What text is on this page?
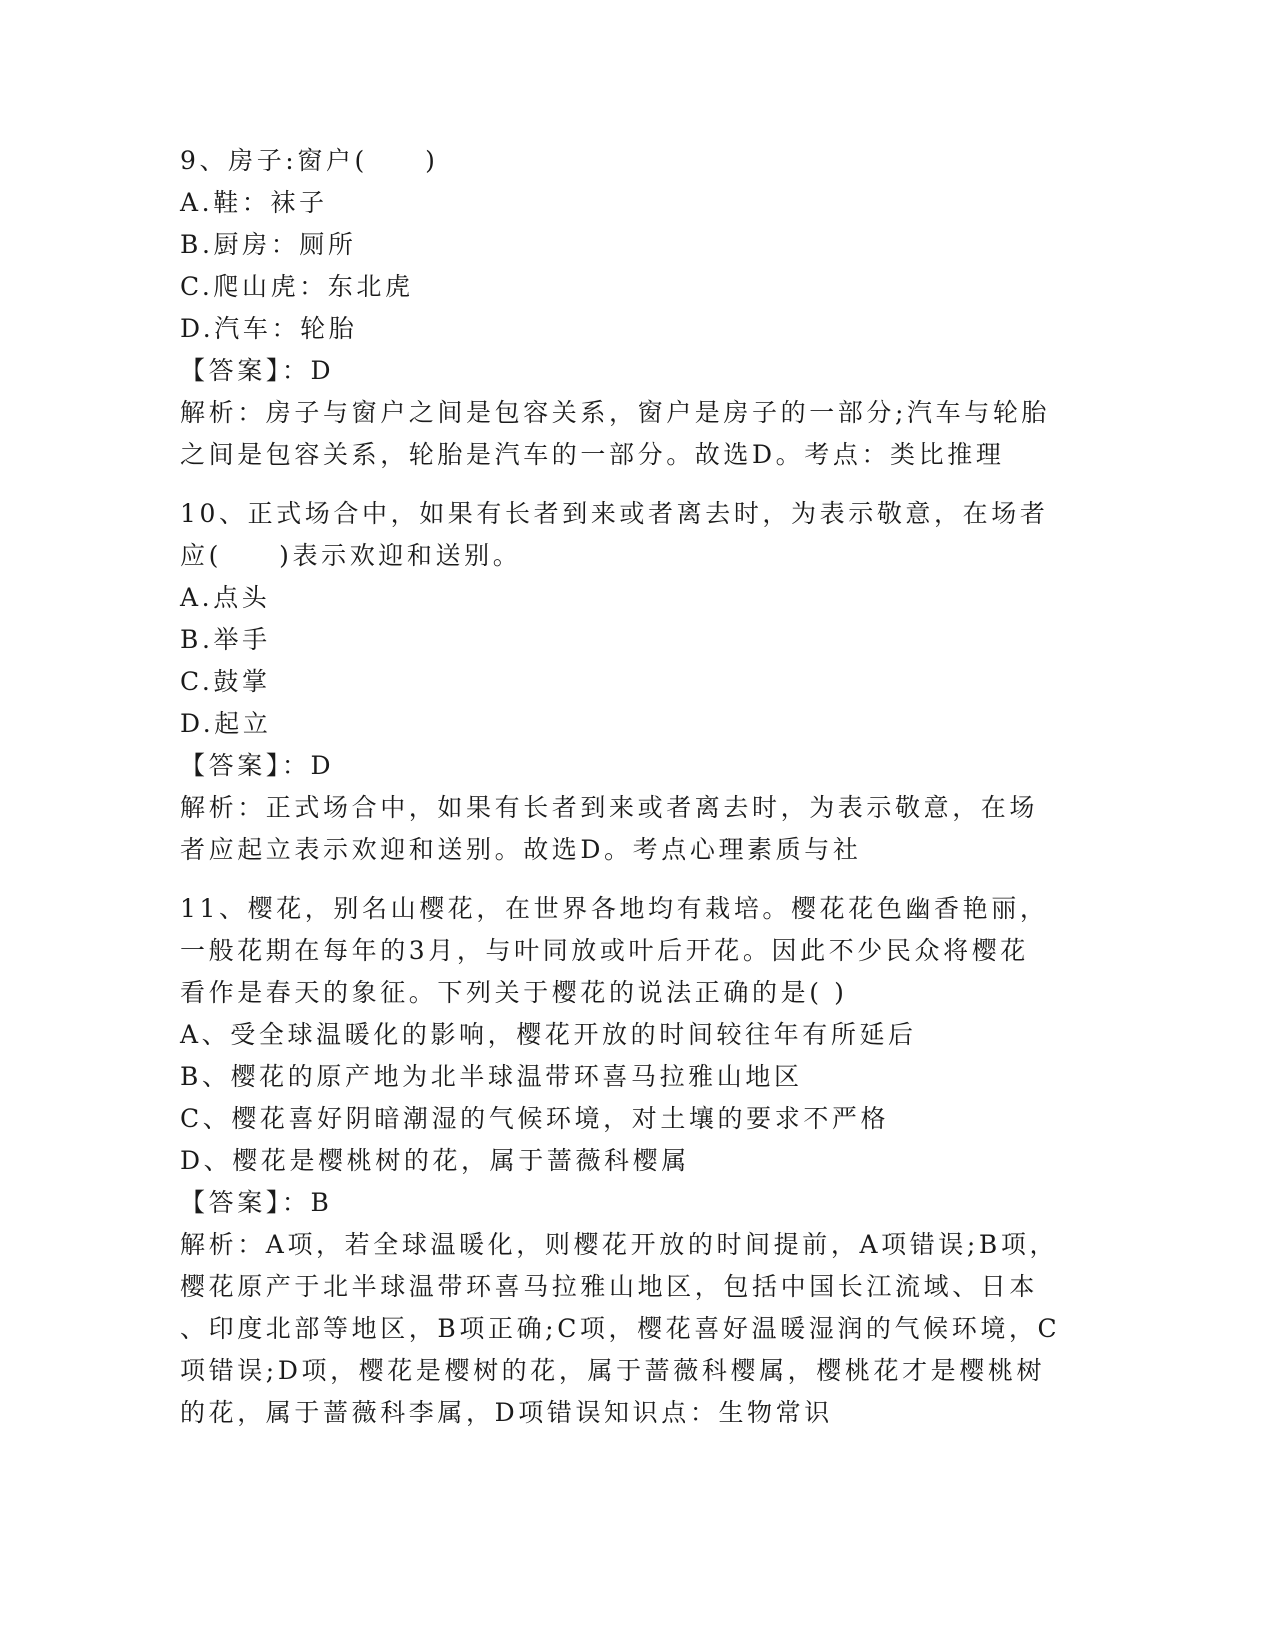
9、房子:窗户(　　)
A.鞋：袜子
B.厨房：厕所
C.爬山虎：东北虎
D.汽车：轮胎
【答案】：D
解析：房子与窗户之间是包容关系，窗户是房子的一部分;汽车与轮胎
之间是包容关系，轮胎是汽车的一部分。故选D。考点：类比推理
10、正式场合中，如果有长者到来或者离去时，为表示敬意，在场者
应(　　)表示欢迎和送别。
A.点头
B.举手
C.鼓掌
D.起立
【答案】：D
解析：正式场合中，如果有长者到来或者离去时，为表示敬意，在场
者应起立表示欢迎和送别。故选D。考点心理素质与社
11、樱花，别名山樱花，在世界各地均有栽培。樱花花色幽香艳丽，
一般花期在每年的3月，与叶同放或叶后开花。因此不少民众将樱花
看作是春天的象征。下列关于樱花的说法正确的是( )
A、受全球温暖化的影响，樱花开放的时间较往年有所延后
B、樱花的原产地为北半球温带环喜马拉雅山地区
C、樱花喜好阴暗潮湿的气候环境，对土壤的要求不严格
D、樱花是樱桃树的花，属于蔷薇科樱属
【答案】：B
解析：A项，若全球温暖化，则樱花开放的时间提前，A项错误;B项，
樱花原产于北半球温带环喜马拉雅山地区，包括中国长江流域、日本
、印度北部等地区，B项正确;C项，樱花喜好温暖湿润的气候环境，C
项错误;D项，樱花是樱树的花，属于蔷薇科樱属，樱桃花才是樱桃树
的花，属于蔷薇科李属，D项错误知识点：生物常识
